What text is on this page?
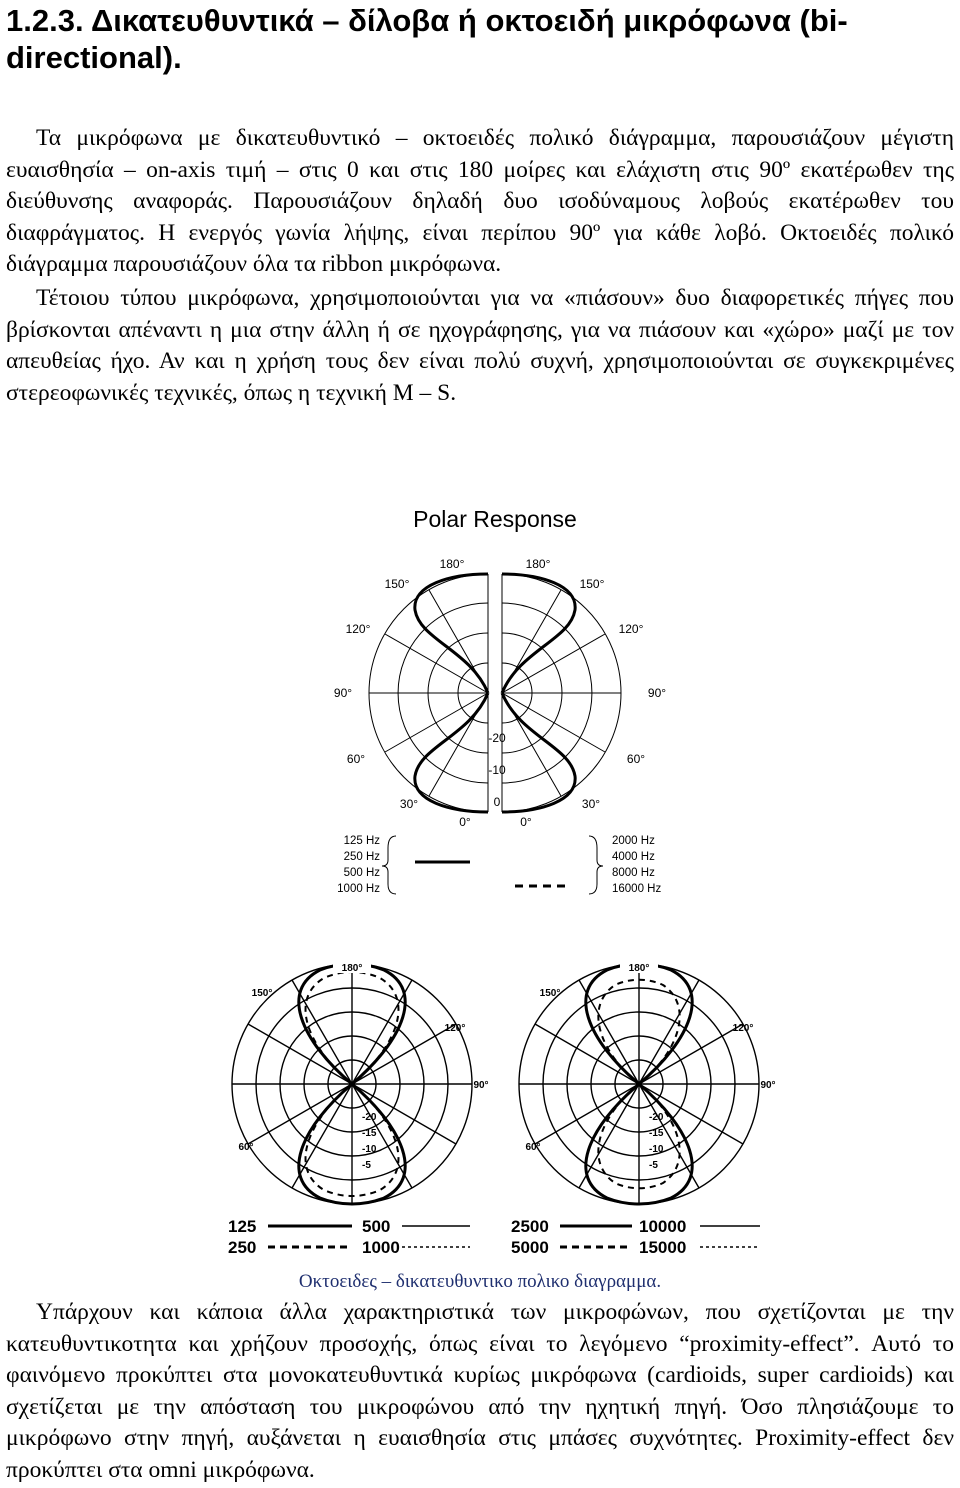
1.2.3. Δικατευθυντικά – δίλοβα ή οκτοειδή μικρόφωνα (bi-directional).

Τα μικρόφωνα με δικατευθυντικό – οκτοειδές πολικό διάγραμμα, παρουσιάζουν μέγιστη ευαισθησία – on-axis τιμή – στις 0 και στις 180 μοίρες και ελάχιστη στις 90º εκατέρωθεν της διεύθυνσης αναφοράς. Παρουσιάζουν δηλαδή δυο ισοδύναμους λοβούς εκατέρωθεν του διαφράγματος. Η ενεργός γωνία λήψης, είναι περίπου 90º για κάθε λοβό. Οκτοειδές πολικό διάγραμμα παρουσιάζουν όλα τα ribbon μικρόφωνα.

Τέτοιου τύπου μικρόφωνα, χρησιμοποιούνται για να «πιάσουν» δυο διαφορετικές πήγες που βρίσκονται απέναντι η μια στην άλλη ή σε ηχογράφησης, για να πιάσουν και «χώρο» μαζί με τον απευθείας ήχο. Αν και η χρήση τους δεν είναι πολύ συχνή, χρησιμοποιούνται σε συγκεκριμένες στερεοφωνικές τεχνικές, όπως η τεχνική M – S.

Polar Response
180°	180°
150°	150°
120°	120°
90°	90°
60°	60°
30°	30°
0°	0°
-20
-10
0
125 Hz
250 Hz
500 Hz
1000 Hz
2000 Hz
4000 Hz
8000 Hz
16000 Hz
180°
150°
120°
90°
60°
-20
-15
-10
-5
180°
150°
120°
90°
60°
-20
-15
-10
-5
125
250
500
1000
2500
5000
10000
15000

Οκτοειδες – δικατευθυντικο πολικο διαγραμμα.

Υπάρχουν και κάποια άλλα χαρακτηριστικά των μικροφώνων, που σχετίζονται με την κατευθυντικοτητα και χρήζουν προσοχής, όπως είναι το λεγόμενο “proximity-effect”. Αυτό το φαινόμενο προκύπτει στα μονοκατευθυντικά κυρίως μικρόφωνα (cardioids, super cardioids) και σχετίζεται με την απόσταση του μικροφώνου από την ηχητική πηγή. Όσο πλησιάζουμε το μικρόφωνο στην πηγή, αυξάνεται η ευαισθησία στις μπάσες συχνότητες. Proximity-effect δεν προκύπτει στα omni μικρόφωνα.
